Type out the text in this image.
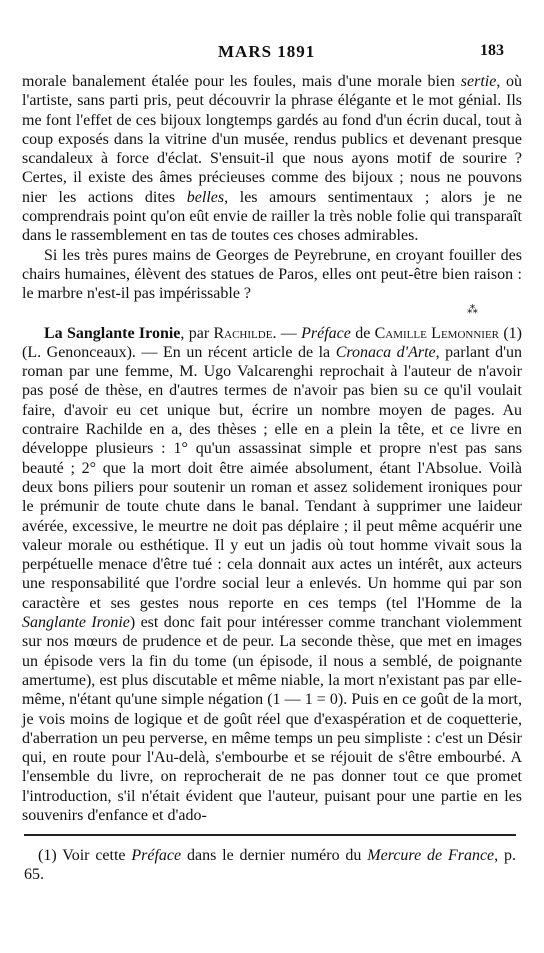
MARS 1891	183

morale banalement étalée pour les foules, mais d'une morale bien sertie, où l'artiste, sans parti pris, peut découvrir la phrase élégante et le mot génial. Ils me font l'effet de ces bijoux longtemps gardés au fond d'un écrin ducal, tout à coup exposés dans la vitrine d'un musée, rendus publics et devenant presque scandaleux à force d'éclat. S'ensuit-il que nous ayons motif de sourire ? Certes, il existe des âmes précieuses comme des bijoux ; nous ne pouvons nier les actions dites belles, les amours sentimentaux ; alors je ne comprendrais point qu'on eût envie de railler la très noble folie qui transparaît dans le rassemblement en tas de toutes ces choses admirables.

Si les très pures mains de Georges de Peyrebrune, en croyant fouiller des chairs humaines, élèvent des statues de Paros, elles ont peut-être bien raison : le marbre n'est-il pas impérissable ?

⁂

La Sanglante Ironie, par Rachilde. — Préface de Camille Lemonnier (1) (L. Genonceaux). — En un récent article de la Cronaca d'Arte, parlant d'un roman par une femme, M. Ugo Valcarenghi reprochait à l'auteur de n'avoir pas posé de thèse, en d'autres termes de n'avoir pas bien su ce qu'il voulait faire, d'avoir eu cet unique but, écrire un nombre moyen de pages. Au contraire Rachilde en a, des thèses ; elle en a plein la tête, et ce livre en développe plusieurs : 1° qu'un assassinat simple et propre n'est pas sans beauté ; 2° que la mort doit être aimée absolument, étant l'Absolue. Voilà deux bons piliers pour soutenir un roman et assez solidement ironiques pour le prémunir de toute chute dans le banal. Tendant à supprimer une laideur avérée, excessive, le meurtre ne doit pas déplaire ; il peut même acquérir une valeur morale ou esthétique. Il y eut un jadis où tout homme vivait sous la perpétuelle menace d'être tué : cela donnait aux actes un intérêt, aux acteurs une responsabilité que l'ordre social leur a enlevés. Un homme qui par son caractère et ses gestes nous reporte en ces temps (tel l'Homme de la Sanglante Ironie) est donc fait pour intéresser comme tranchant violemment sur nos mœurs de prudence et de peur. La seconde thèse, que met en images un épisode vers la fin du tome (un épisode, il nous a semblé, de poignante amertume), est plus discutable et même niable, la mort n'existant pas par elle-même, n'étant qu'une simple négation (1 — 1 = 0). Puis en ce goût de la mort, je vois moins de logique et de goût réel que d'exaspération et de coquetterie, d'aberration un peu perverse, en même temps un peu simpliste : c'est un Désir qui, en route pour l'Au-delà, s'embourbe et se réjouit de s'être embourbé. A l'ensemble du livre, on reprocherait de ne pas donner tout ce que promet l'introduction, s'il n'était évident que l'auteur, puisant pour une partie en les souvenirs d'enfance et d'ado-

(1) Voir cette Préface dans le dernier numéro du Mercure de France, p. 65.
